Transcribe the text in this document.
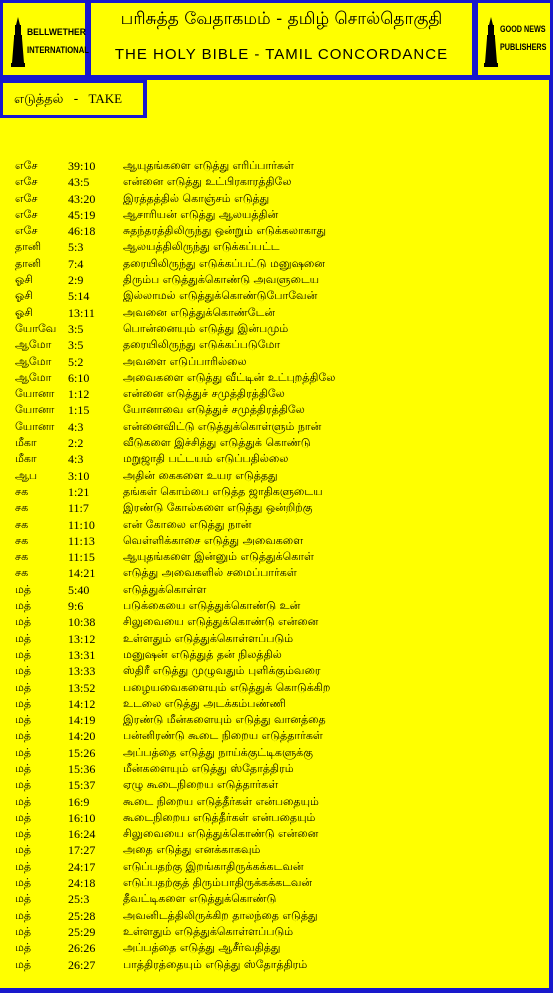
BELLWETHER
INTERNATIONAL
பரிசுத்த வேதாகமம் - தமிழ் சொல்தொகுதி
THE HOLY BIBLE - TAMIL CONCORDANCE
GOOD NEWS
PUBLISHERS
எடுத்தல் - TAKE
எசே	39:10	ஆயுதங்களை எடுத்து எரிப்பார்கள்
எசே	43:5	என்னை எடுத்து உட்பிரகாரத்திலே
எசே	43:20	இரத்தத்தில் கொஞ்சம் எடுத்து
எசே	45:19	ஆசாரியன் எடுத்து ஆலயத்தின்
எசே	46:18	சுதந்தரத்திலிருந்து ஒன்றும் எடுக்கலாகாது
தானி 5:3	ஆலயத்திலிருந்து எடுக்கப்பட்ட
தானி 7:4	தரையிலிருந்து எடுக்கப்பட்டு மனுஷனை
ஓசி	2:9	திரும்ப எடுத்துக்கொண்டு அவளுடைய
ஓசி	5:14	இல்லாமல் எடுத்துக்கொண்டுபோவேன்
ஓசி	13:11	அவனை எடுத்துக்கொண்டேன்
யோவே 3:5	பொன்னையும் எடுத்து இன்பமும்
ஆமோ 3:5	தரையிலிருந்து எடுக்கப்படுமோ
ஆமோ 5:2	அவளை எடுப்பாரில்லை
ஆமோ 6:10	அவைகளை எடுத்து வீட்டின் உட்புறத்திலே
யோனா 1:12	என்னை எடுத்துச் சமுத்திரத்திலே
யோனா 1:15	யோனாவை எடுத்துச் சமுத்திரத்திலே
யோனா 4:3	என்னைவிட்டு எடுத்துக்கொள்ளும் நான்
மீகா	2:2	வீடுகளை இச்சித்து எடுத்துக் கொண்டு
மீகா	4:3	மறுஜாதி பட்டயம் எடுப்பதில்லை
ஆப	3:10	அதின் கைகளை உயர எடுத்தது
சக	1:21	தங்கள் கொம்பை எடுத்த ஜாதிகளுடைய
சக	11:7	இரண்டு கோல்களை எடுத்து ஒன்றிற்கு
சக	11:10	என் கோலை எடுத்து நான்
சக	11:13	வெள்ளிக்காசை எடுத்து அவைகளை
சக	11:15	ஆயுதங்களை இன்னும் எடுத்துக்கொள்
சக	14:21	எடுத்து அவைகளில் சமைப்பார்கள்
மத்	5:40	எடுத்துக்கொள்ள
மத்	9:6	படுக்கையை எடுத்துக்கொண்டு உன்
மத்	10:38	சிலுவையை எடுத்துக்கொண்டு என்னை
மத்	13:12	உள்ளதும் எடுத்துக்கொள்ளப்படும்
மத்	13:31	மனுஷன் எடுத்துத் தன் நிலத்தில்
மத்	13:33	ஸ்திரீ எடுத்து முழுவதும் புளிக்கும்வரை
மத்	13:52	பழையவைகளையும் எடுத்துக் கொடுக்கிற
மத்	14:12	உடலை எடுத்து அடக்கம்பண்ணி
மத்	14:19	இரண்டு மீன்களையும் எடுத்து வானத்தை
மத்	14:20	பன்னிரண்டு கூடை நிறைய எடுத்தார்கள்
மத்	15:26	அப்பத்தை எடுத்து நாய்க்குட்டிகளுக்கு
மத்	15:36	மீன்களையும் எடுத்து ஸ்தோத்திரம்
மத்	15:37	ஏழு கூடைநிறைய எடுத்தார்கள்
மத்	16:9	கூடை நிறைய எடுத்தீர்கள் என்பதையும்
மத்	16:10	கூடைநிறைய எடுத்தீர்கள் என்பதையும்
மத்	16:24	சிலுவையை எடுத்துக்கொண்டு என்னை
மத்	17:27	அதை எடுத்து எனக்காகவும்
மத்	24:17	எடுப்பதற்கு இறங்காதிருக்கக்கடவன்
மத்	24:18	எடுப்பதற்குத் திரும்பாதிருக்கக்கடவன்
மத்	25:3	தீவட்டிகளை எடுத்துக்கொண்டு
மத்	25:28	அவனிடத்திலிருக்கிற தாலந்தை எடுத்து
மத்	25:29	உள்ளதும் எடுத்துக்கொள்ளப்படும்
மத்	26:26	அப்பத்தை எடுத்து ஆசீர்வதித்து
மத்	26:27	பாத்திரத்தையும் எடுத்து ஸ்தோத்திரம்
